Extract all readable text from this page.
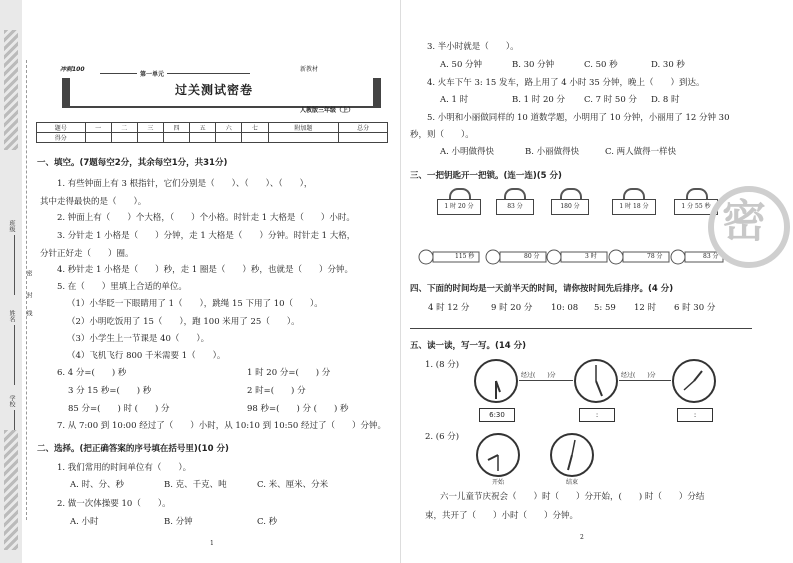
班级
姓名
学校
密
封
线
冲刺100
第一单元
新教材
过关测试密卷
人教版三年级（上）
题号	一	二	三	四	五	六	七	附加题	总分
得分									
一、填空。(7题每空2分，其余每空1分，共31分)
1. 有些钟面上有 3 根指针，它们分别是（　　）、（　　）、（　　），
其中走得最快的是（　　）。
2. 钟面上有（　　）个大格，（　　）个小格。时针走 1 大格是（　　）小时。
3. 分针走 1 小格是（　　）分钟，走 1 大格是（　　）分钟。时针走 1 大格，
分针正好走（　　）圈。
4. 秒针走 1 小格是（　　）秒，走 1 圈是（　　）秒，也就是（　　）分钟。
5. 在（　　）里填上合适的单位。
（1）小华眨一下眼睛用了 1（　　），跳绳 15 下用了 10（　　）。
（2）小明吃饭用了 15（　　），跑 100 米用了 25（　　）。
（3）小学生上一节课是 40（　　）。
（4）飞机飞行 800 千米需要 1（　　）。
6. 4 分=(　　) 秒	1 时 20 分=(　　) 分
3 分 15 秒=(　　) 秒	2 时=(　　) 分
85 分=(　　) 时 (　　) 分	98 秒=(　　) 分 (　　) 秒
7. 从 7:00 到 10:00 经过了（　　）小时，从 10:10 到 10:50 经过了（　　）分钟。
二、选择。(把正确答案的序号填在括号里)(10 分)
1. 我们常用的时间单位有（　　）。
A. 时、分、秒	B. 克、千克、吨	C. 米、厘米、分米
2. 做一次体操要 10（　　）。
A. 小时	B. 分钟	C. 秒
1
3. 半小时就是（　　）。
A. 50 分钟	B. 30 分钟	C. 50 秒	D. 30 秒
4. 火车下午 3: 15 发车，路上用了 4 小时 35 分钟，晚上（　　）到达。
A. 1 时	B. 1 时 20 分 C. 7 时 50 分 D. 8 时
5. 小明和小丽做同样的 10 道数学题，小明用了 10 分钟，小丽用了 12 分钟 30
秒，则（　　）。
A. 小明做得快	B. 小丽做得快	C. 两人做得一样快
三、一把钥匙开一把锁。(连一连)(5 分)
1 时 20 分	83 分	180 分	1 时 18 分	1 分 55 秒
115 秒	80 分	3 时	78 分	83 分
密
四、下面的时间均是一天前半天的时间，请你按时间先后排序。(4 分)
4 时 12 分	9 时 20 分 10: 08 5: 59 12 时 6 时 30 分
五、读一读，写一写。(14 分)
1. (8 分)
经过(　　)分	经过(　　)分
6:30	:	:
2. (6 分)
开始	结束
六一儿童节庆祝会（　　）时（　　）分开始，(　　) 时（　　）分结
束，共开了（　　）小时（　　）分钟。
2
